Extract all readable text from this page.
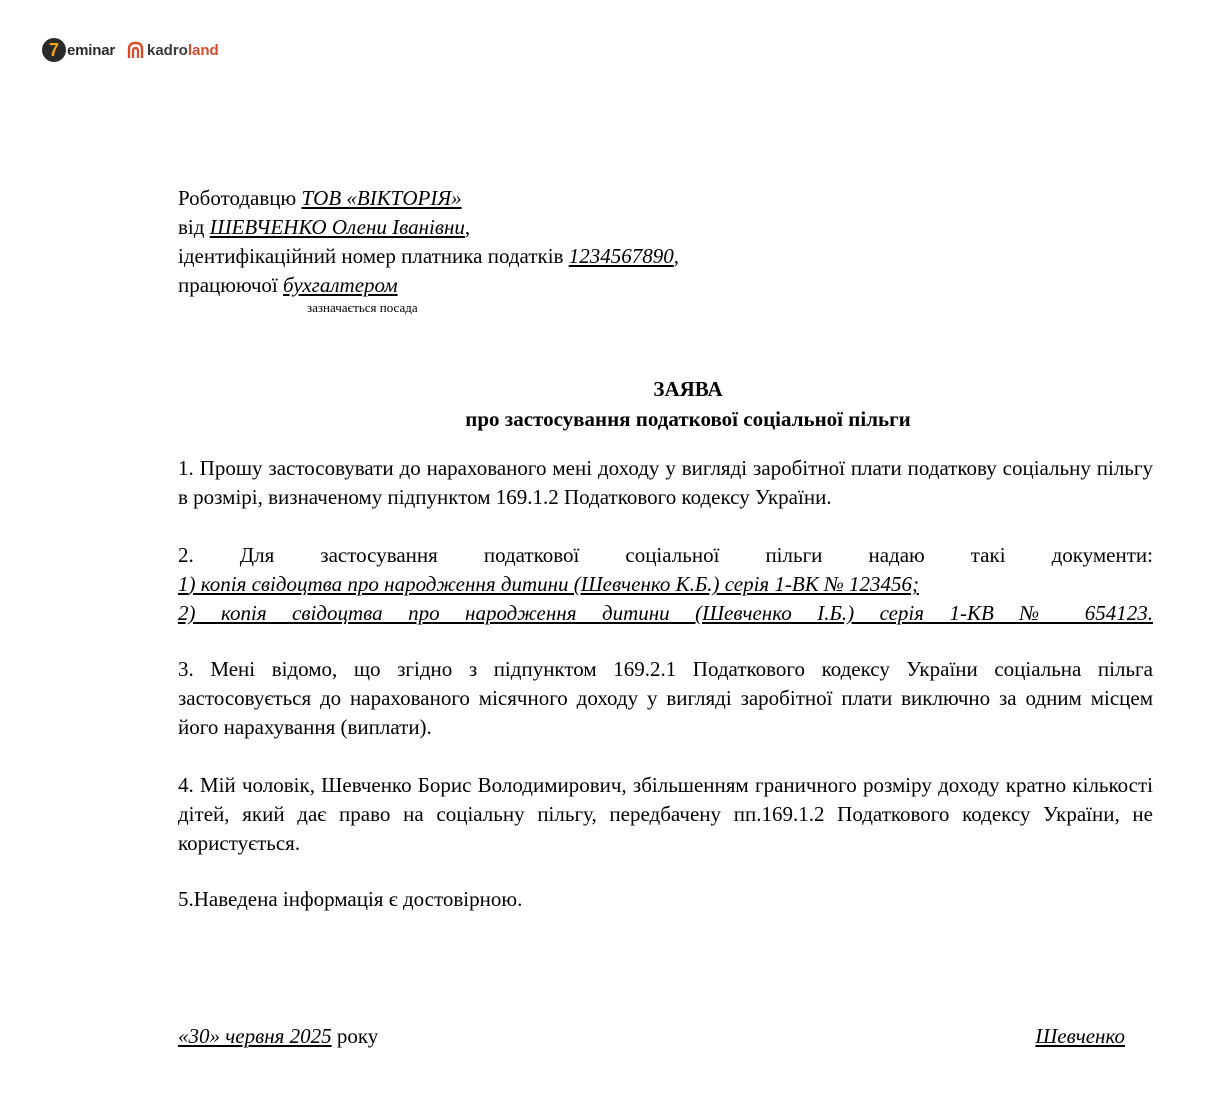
7 eminar kadroland
Роботодавцю ТОВ «ВІКТОРІЯ»
від ШЕВЧЕНКО Олени Іванівни,
ідентифікаційний номер платника податків 1234567890,
працюючої бухгалтером
зазначається посада
ЗАЯВА
про застосування податкової соціальної пільги
1. Прошу застосовувати до нарахованого мені доходу у вигляді заробітної плати податкову соціальну пільгу в розмірі, визначеному підпунктом 169.1.2 Податкового кодексу України.
2. Для застосування податкової соціальної пільги надаю такі документи:
1) копія свідоцтва про народження дитини (Шевченко К.Б.) серія 1-ВК № 123456;
2) копія свідоцтва про народження дитини (Шевченко І.Б.) серія 1-КВ № 654123.
3. Мені відомо, що згідно з підпунктом 169.2.1 Податкового кодексу України соціальна пільга застосовується до нарахованого місячного доходу у вигляді заробітної плати виключно за одним місцем його нарахування (виплати).
4. Мій чоловік, Шевченко Борис Володимирович, збільшенням граничного розміру доходу кратно кількості дітей, який дає право на соціальну пільгу, передбачену пп.169.1.2 Податкового кодексу України, не користується.
5.Наведена інформація є достовірною.
«30» червня 2025 року	Шевченко
